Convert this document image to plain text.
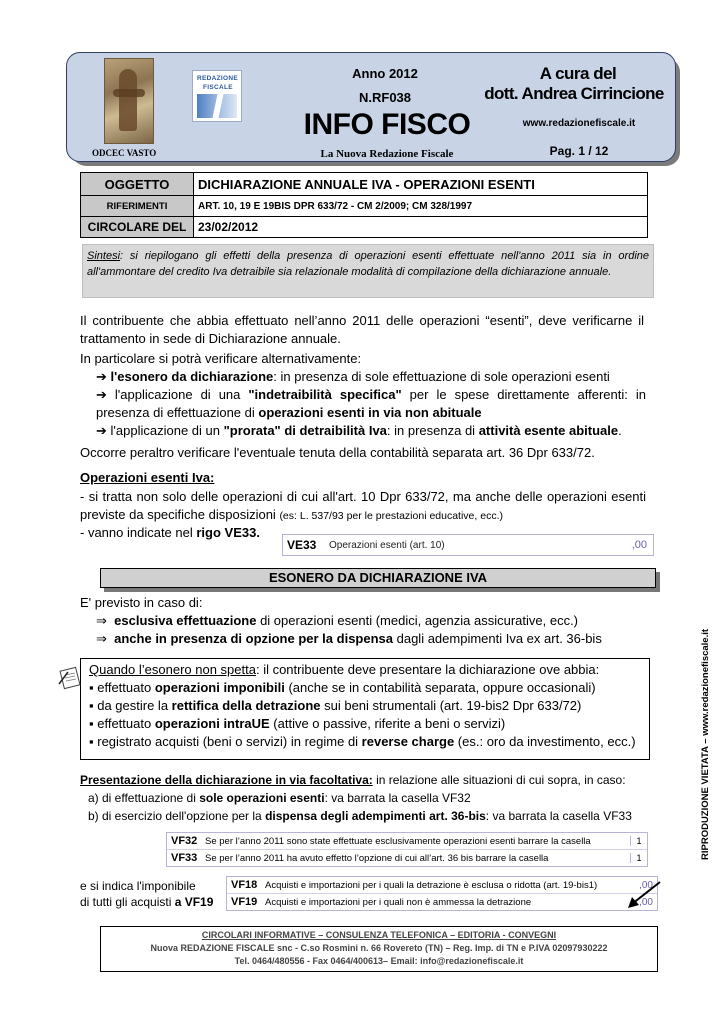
ODCEC VASTO
REDAZIONE
FISCALE
Anno 2012
N.RF038
INFO FISCO
La Nuova Redazione Fiscale
A cura del
dott. Andrea Cirrincione
www.redazionefiscale.it
Pag. 1 / 12
OGGETTO	DICHIARAZIONE ANNUALE IVA - OPERAZIONI ESENTI
RIFERIMENTI	ART. 10, 19 E 19BIS DPR 633/72 - CM 2/2009; CM 328/1997
CIRCOLARE DEL	23/02/2012
Sintesi: si riepilogano gli effetti della presenza di operazioni esenti effettuate nell'anno 2011 sia in ordine all'ammontare del credito Iva detraibile sia relazionale modalità di compilazione della dichiarazione annuale.
Il contribuente che abbia effettuato nell’anno 2011 delle operazioni “esenti”, deve verificarne il trattamento in sede di Dichiarazione annuale.
In particolare si potrà verificare alternativamente:
➔ l'esonero da dichiarazione: in presenza di sole effettuazione di sole operazioni esenti
➔ l'applicazione di una "indetraibilità specifica" per le spese direttamente afferenti: in presenza di effettuazione di operazioni esenti in via non abituale
➔ l'applicazione di un "prorata" di detraibilità Iva: in presenza di attività esente abituale.
Occorre peraltro verificare l'eventuale tenuta della contabilità separata art. 36 Dpr 633/72.
Operazioni esenti Iva:
- si tratta non solo delle operazioni di cui all'art. 10 Dpr 633/72, ma anche delle operazioni esenti previste da specifiche disposizioni (es: L. 537/93 per le prestazioni educative, ecc.)
- vanno indicate nel rigo VE33.
VE33	Operazioni esenti (art. 10)	,00
ESONERO DA DICHIARAZIONE IVA
E' previsto in caso di:
⇒ esclusiva effettuazione di operazioni esenti (medici, agenzia assicurative, ecc.)
⇒ anche in presenza di opzione per la dispensa dagli adempimenti Iva ex art. 36-bis
Quando l’esonero non spetta: il contribuente deve presentare la dichiarazione ove abbia:
▪ effettuato operazioni imponibili (anche se in contabilità separata, oppure occasionali)
▪ da gestire la rettifica della detrazione sui beni strumentali (art. 19-bis2 Dpr 633/72)
▪ effettuato operazioni intraUE (attive o passive, riferite a beni o servizi)
▪ registrato acquisti (beni o servizi) in regime di reverse charge (es.: oro da investimento, ecc.)
Presentazione della dichiarazione in via facoltativa: in relazione alle situazioni di cui sopra, in caso:
a) di effettuazione di sole operazioni esenti: va barrata la casella VF32
b) di esercizio dell'opzione per la dispensa degli adempimenti art. 36-bis: va barrata la casella VF33
VF32 Se per l’anno 2011 sono state effettuate esclusivamente operazioni esenti barrare la casella	1
VF33 Se per l’anno 2011 ha avuto effetto l’opzione di cui all’art. 36 bis barrare la casella	1
e si indica l'imponibile
di tutti gli acquisti a VF19
VF18 Acquisti e importazioni per i quali la detrazione è esclusa o ridotta (art. 19-bis1)	,00
VF19 Acquisti e importazioni per i quali non è ammessa la detrazione	,00
CIRCOLARI INFORMATIVE – CONSULENZA TELEFONICA – EDITORIA - CONVEGNI
Nuova REDAZIONE FISCALE snc - C.so Rosmini n. 66 Rovereto (TN) – Reg. Imp. di TN e P.IVA 02097930222
Tel. 0464/480556 - Fax 0464/400613– Email: info@redazionefiscale.it
RIPRODUZIONE VIETATA – www.redazionefiscale.it
